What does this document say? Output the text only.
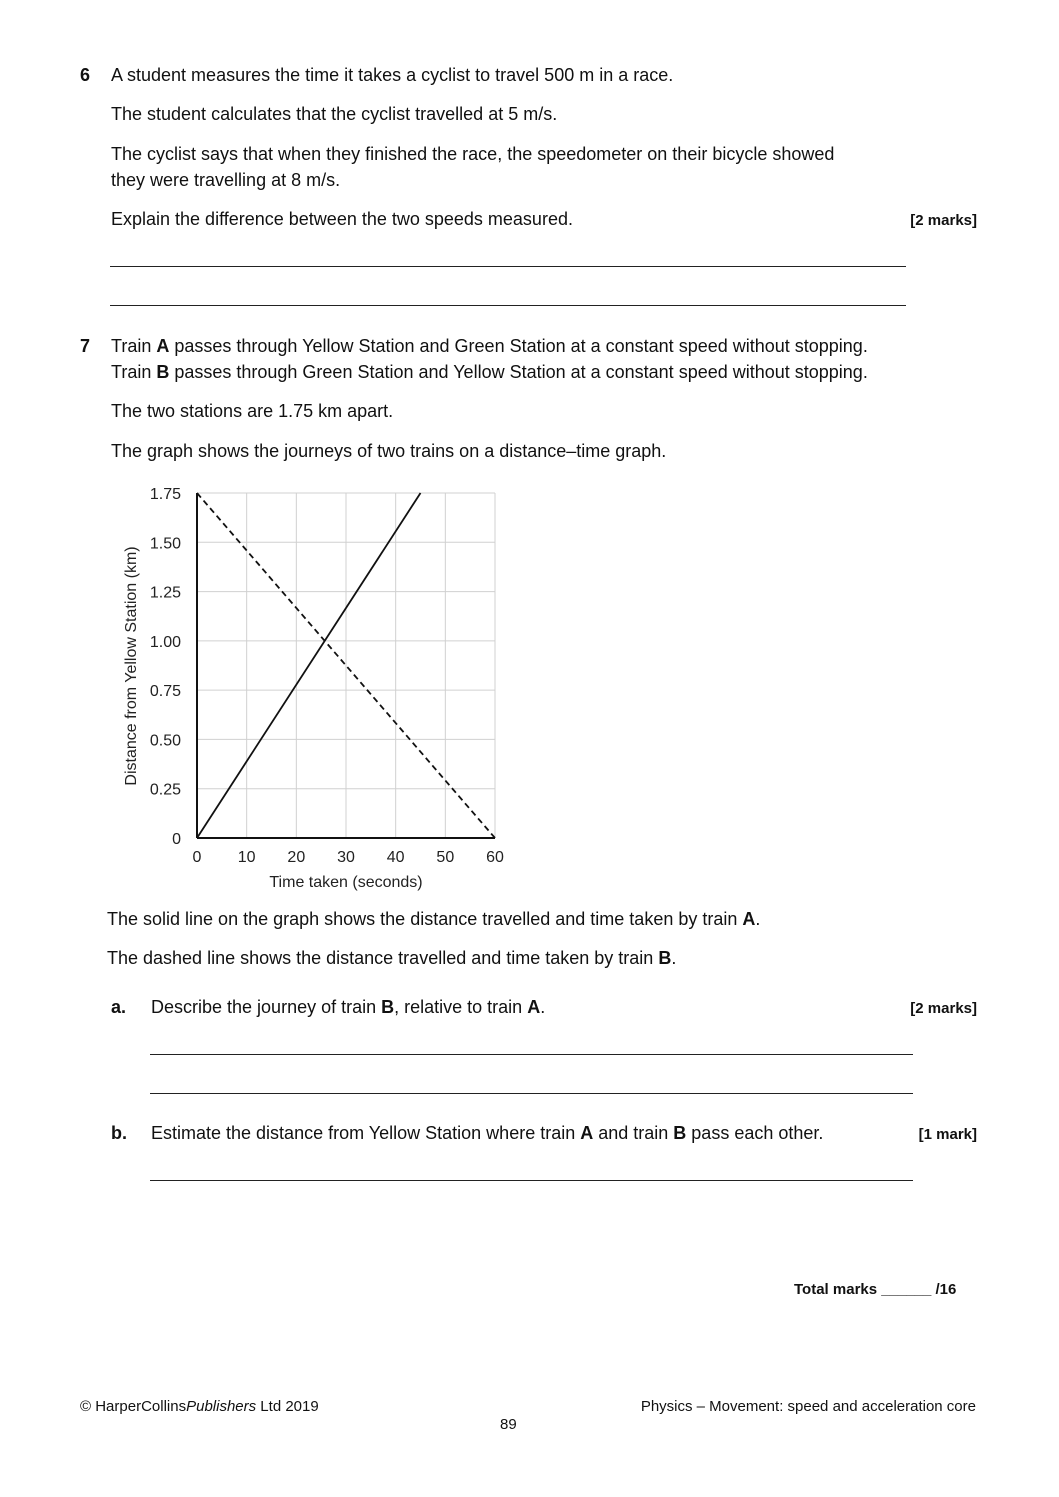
6 A student measures the time it takes a cyclist to travel 500 m in a race.
The student calculates that the cyclist travelled at 5 m/s.
The cyclist says that when they finished the race, the speedometer on their bicycle showed
they were travelling at 8 m/s.
Explain the difference between the two speeds measured.	[2 marks]
7 Train A passes through Yellow Station and Green Station at a constant speed without stopping.
Train B passes through Green Station and Yellow Station at a constant speed without stopping.
The two stations are 1.75 km apart.
The graph shows the journeys of two trains on a distance–time graph.
0 10 20 30 40 50 60
0
0.25
0.50
0.75
1.00
1.25
1.50
1.75
Time taken (seconds)
Distance from Yellow Station (km)
The solid line on the graph shows the distance travelled and time taken by train A.
The dashed line shows the distance travelled and time taken by train B.
a. Describe the journey of train B, relative to train A.	[2 marks]
b. Estimate the distance from Yellow Station where train A and train B pass each other.	[1 mark]
Total marks ______ /16
© HarperCollinsPublishers Ltd 2019	Physics – Movement: speed and acceleration core
89
